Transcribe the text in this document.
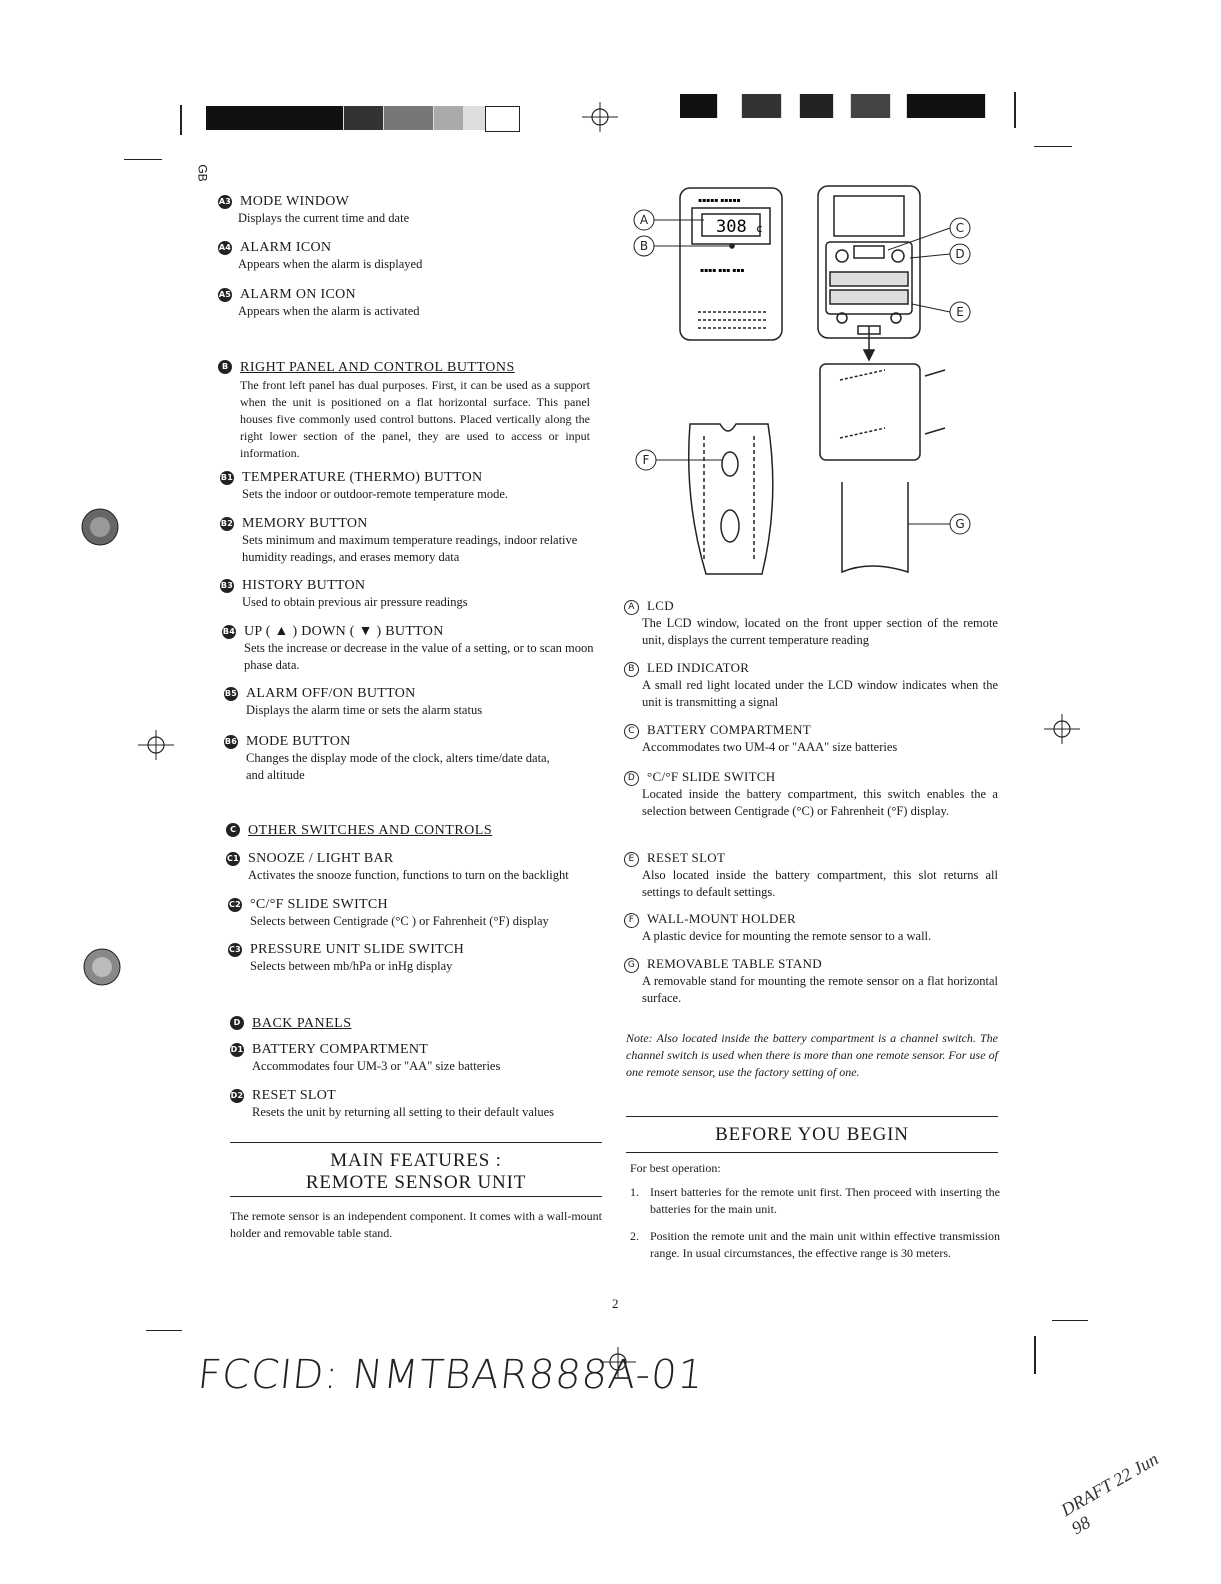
GB
A3 MODE WINDOW
Displays the current time and date
A4 ALARM ICON
Appears when the alarm is displayed
A5 ALARM ON ICON
Appears when the alarm is activated
B RIGHT PANEL AND CONTROL BUTTONS
The front left panel has dual purposes. First, it can be used as a support when the unit is positioned on a flat horizontal surface. This panel houses five commonly used control buttons. Placed vertically along the right lower section of the panel, they are used to access or input information.
B1 TEMPERATURE (THERMO) BUTTON
Sets the indoor or outdoor-remote temperature mode.
B2 MEMORY BUTTON
Sets minimum and maximum temperature readings, indoor relative humidity readings, and erases memory data
B3 HISTORY BUTTON
Used to obtain previous air pressure readings
B4 UP ( ▲ ) DOWN ( ▼ ) BUTTON
Sets the increase or decrease in the value of a setting, or to scan moon phase data.
B5 ALARM OFF/ON BUTTON
Displays the alarm time or sets the alarm status
B6 MODE BUTTON
Changes the display mode of the clock, alters time/date data, and altitude
C OTHER SWITCHES AND CONTROLS
C1 SNOOZE / LIGHT BAR
Activates the snooze function, functions to turn on the backlight
C2 °C/°F SLIDE SWITCH
Selects between Centigrade (°C ) or Fahrenheit (°F) display
C3 PRESSURE UNIT SLIDE SWITCH
Selects between mb/hPa or inHg display
D BACK PANELS
D1 BATTERY COMPARTMENT
Accommodates four UM-3 or "AA" size batteries
D2 RESET SLOT
Resets the unit by returning all setting to their default values
MAIN FEATURES :
REMOTE SENSOR UNIT
The remote sensor is an independent component. It comes with a wall-mount holder and removable table stand.
▪▪▪▪▪ ▪▪▪▪▪
▪▪▪▪ ▪▪▪ ▪▪▪
308 c
A
B
C
D
E
F
G
A LCD
The LCD window, located on the front upper section of the remote unit, displays the current temperature reading
B LED INDICATOR
A small red light located under the LCD window indicates when the unit is transmitting a signal
C BATTERY COMPARTMENT
Accommodates two UM-4 or "AAA" size batteries
D °C/°F SLIDE SWITCH
Located inside the battery compartment, this switch enables the a selection between Centigrade (°C) or Fahrenheit (°F) display.
E RESET SLOT
Also located inside the battery compartment, this slot returns all settings to default settings.
F WALL-MOUNT HOLDER
A plastic device for mounting the remote sensor to a wall.
G REMOVABLE TABLE STAND
A removable stand for mounting the remote sensor on a flat horizontal surface.
Note: Also located inside the battery compartment is a channel switch. The channel switch is used when there is more than one remote sensor. For use of one remote sensor, use the factory setting of one.
BEFORE YOU BEGIN
For best operation:
1. Insert batteries for the remote unit first. Then proceed with inserting the batteries for the main unit.
2. Position the remote unit and the main unit within effective transmission range. In usual circumstances, the effective range is 30 meters.
2
FCCID: NMTBAR888A-01
DRAFT 22 Jun 98
